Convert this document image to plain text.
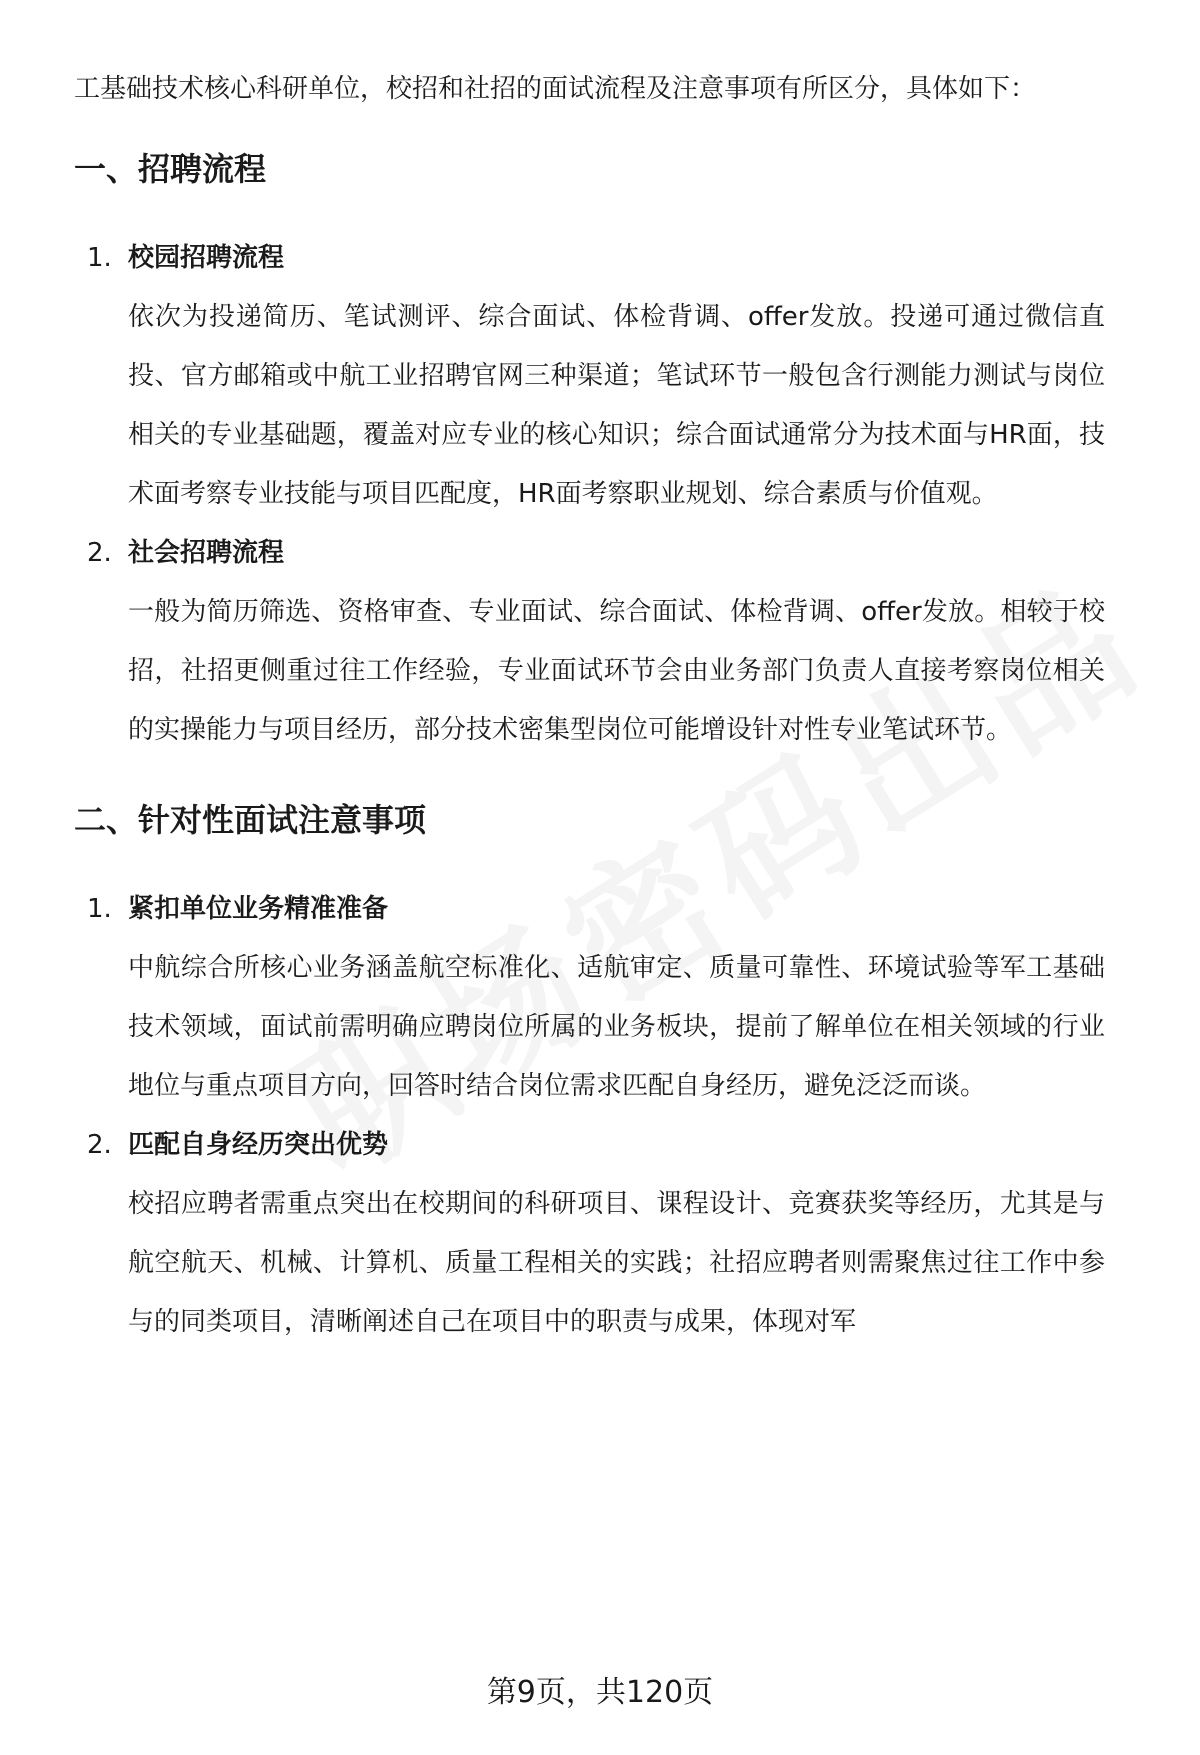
工基础技术核心科研单位，校招和社招的面试流程及注意事项有所区分，具体如下：

一、招聘流程
1. 校园招聘流程

依次为投递简历、笔试测评、综合面试、体检背调、offer发放。投递可通过微信直投、官方邮箱或中航工业招聘官网三种渠道；笔试环节一般包含行测能力测试与岗位相关的专业基础题，覆盖对应专业的核心知识；综合面试通常分为技术面与HR面，技术面考察专业技能与项目匹配度，HR面考察职业规划、综合素质与价值观。

2. 社会招聘流程

一般为简历筛选、资格审查、专业面试、综合面试、体检背调、offer发放。相较于校招，社招更侧重过往工作经验，专业面试环节会由业务部门负责人直接考察岗位相关的实操能力与项目经历，部分技术密集型岗位可能增设针对性专业笔试环节。

二、针对性面试注意事项
1. 紧扣单位业务精准准备

中航综合所核心业务涵盖航空标准化、适航审定、质量可靠性、环境试验等军工基础技术领域，面试前需明确应聘岗位所属的业务板块，提前了解单位在相关领域的行业地位与重点项目方向，回答时结合岗位需求匹配自身经历，避免泛泛而谈。

2. 匹配自身经历突出优势

校招应聘者需重点突出在校期间的科研项目、课程设计、竞赛获奖等经历，尤其是与航空航天、机械、计算机、质量工程相关的实践；社招应聘者则需聚焦过往工作中参与的同类项目，清晰阐述自己在项目中的职责与成果，体现对军

第9页，共120页
